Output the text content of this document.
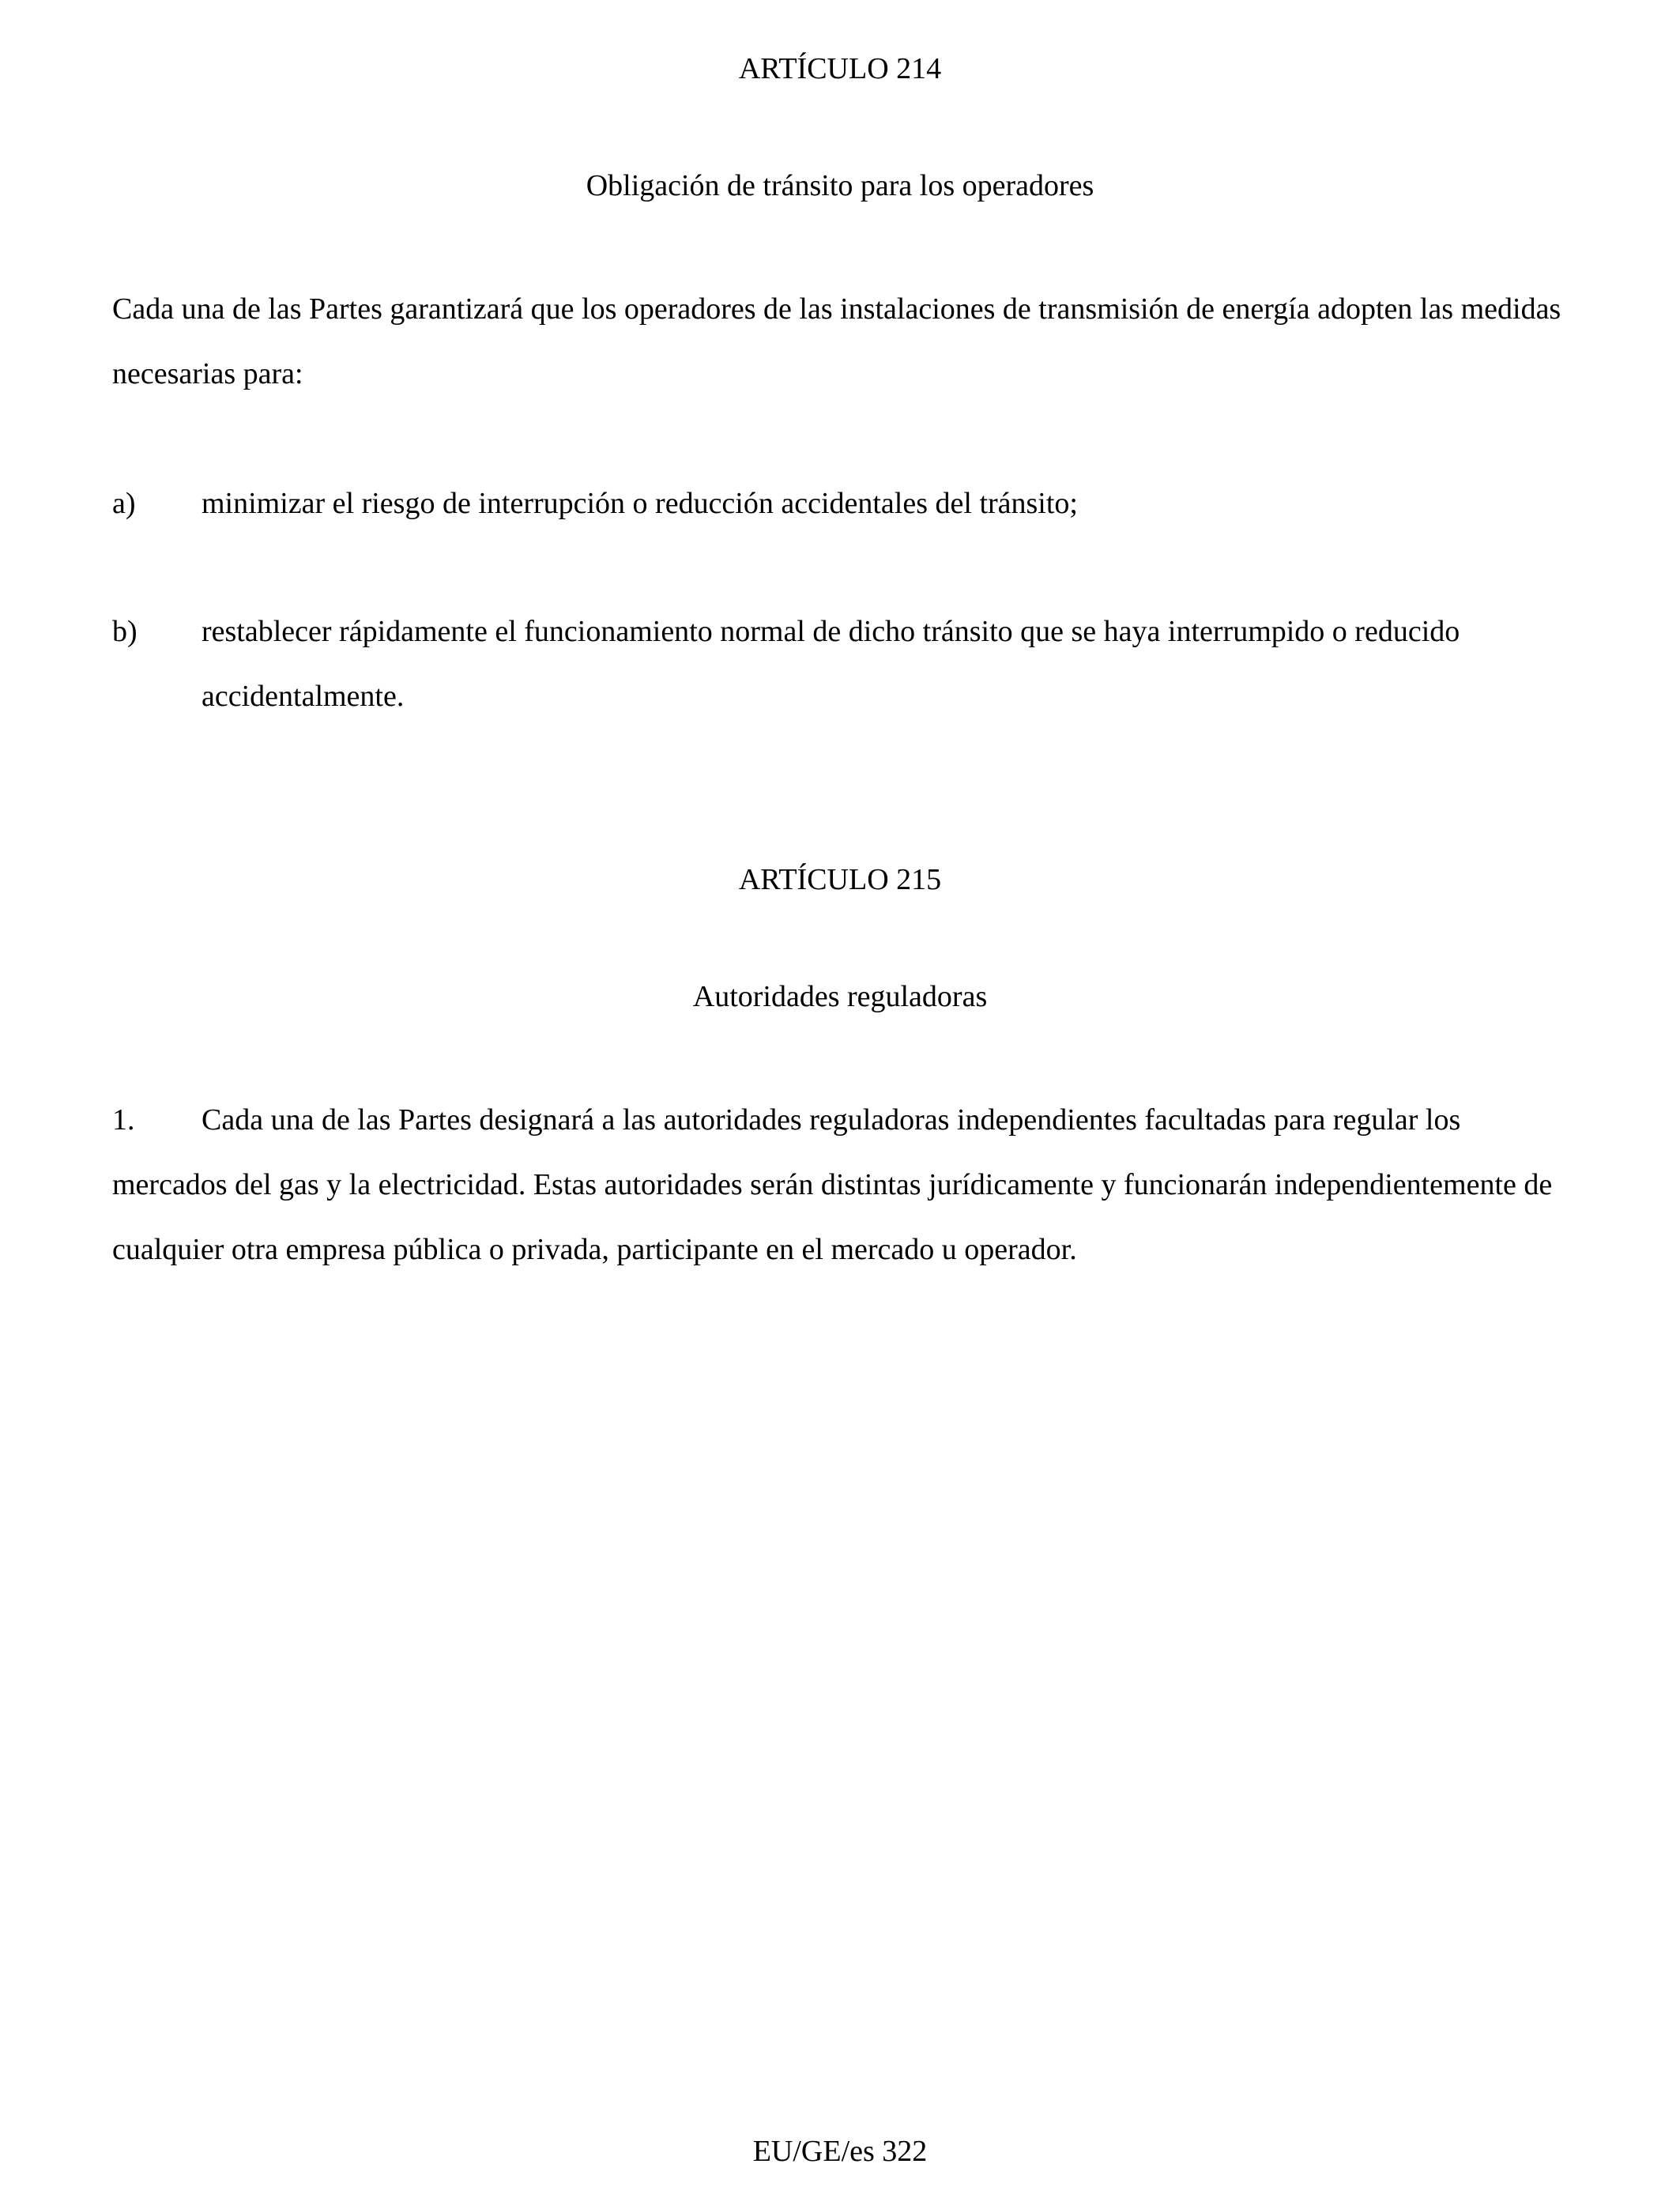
ARTÍCULO 214
Obligación de tránsito para los operadores

Cada una de las Partes garantizará que los operadores de las instalaciones de transmisión de energía adopten las medidas necesarias para:

a) minimizar el riesgo de interrupción o reducción accidentales del tránsito;
b) restablecer rápidamente el funcionamiento normal de dicho tránsito que se haya interrumpido o reducido accidentalmente.
ARTÍCULO 215
Autoridades reguladoras

1. Cada una de las Partes designará a las autoridades reguladoras independientes facultadas para regular los mercados del gas y la electricidad. Estas autoridades serán distintas jurídicamente y funcionarán independientemente de cualquier otra empresa pública o privada, participante en el mercado u operador.

EU/GE/es 322
